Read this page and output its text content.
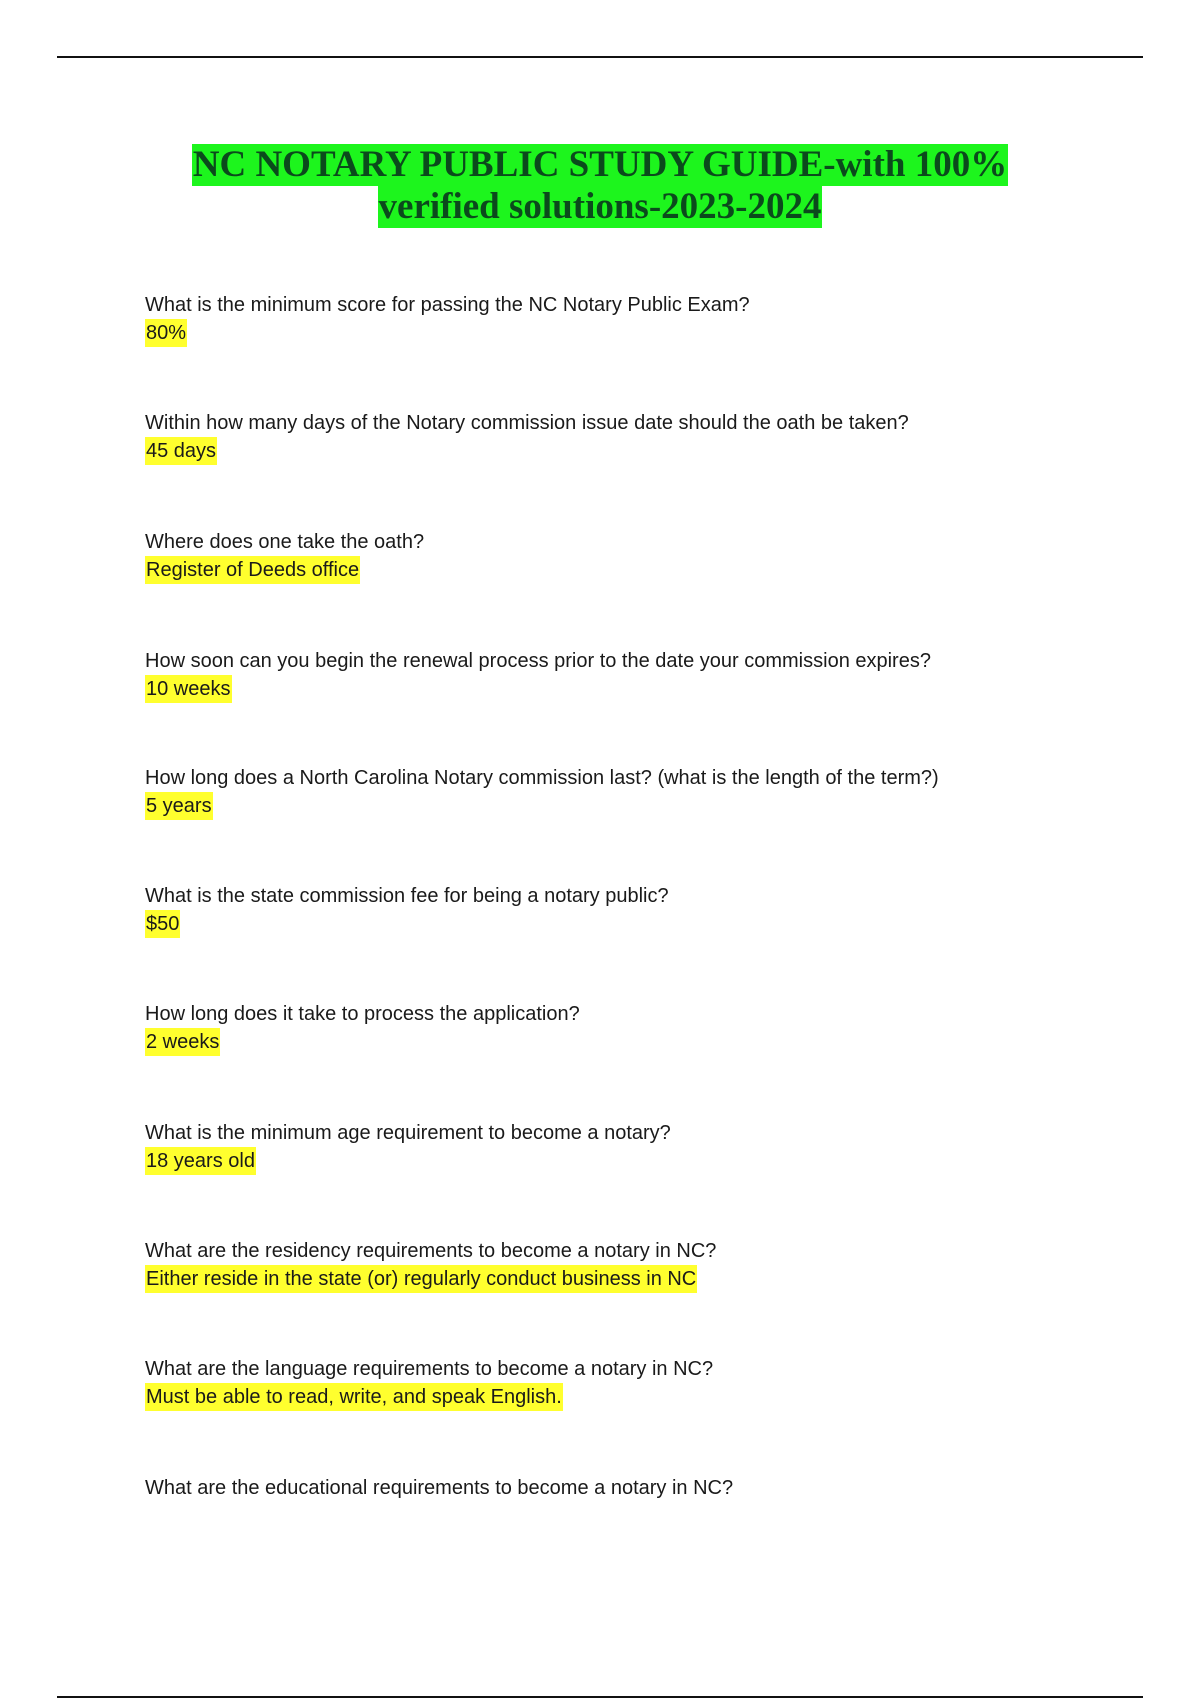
NC NOTARY PUBLIC STUDY GUIDE-with 100%
verified solutions-2023-2024
What is the minimum score for passing the NC Notary Public Exam?
80%
Within how many days of the Notary commission issue date should the oath be taken?
45 days
Where does one take the oath?
Register of Deeds office
How soon can you begin the renewal process prior to the date your commission expires?
10 weeks
How long does a North Carolina Notary commission last? (what is the length of the term?)
5 years
What is the state commission fee for being a notary public?
$50
How long does it take to process the application?
2 weeks
What is the minimum age requirement to become a notary?
18 years old
What are the residency requirements to become a notary in NC?
Either reside in the state (or) regularly conduct business in NC
What are the language requirements to become a notary in NC?
Must be able to read, write, and speak English.
What are the educational requirements to become a notary in NC?
